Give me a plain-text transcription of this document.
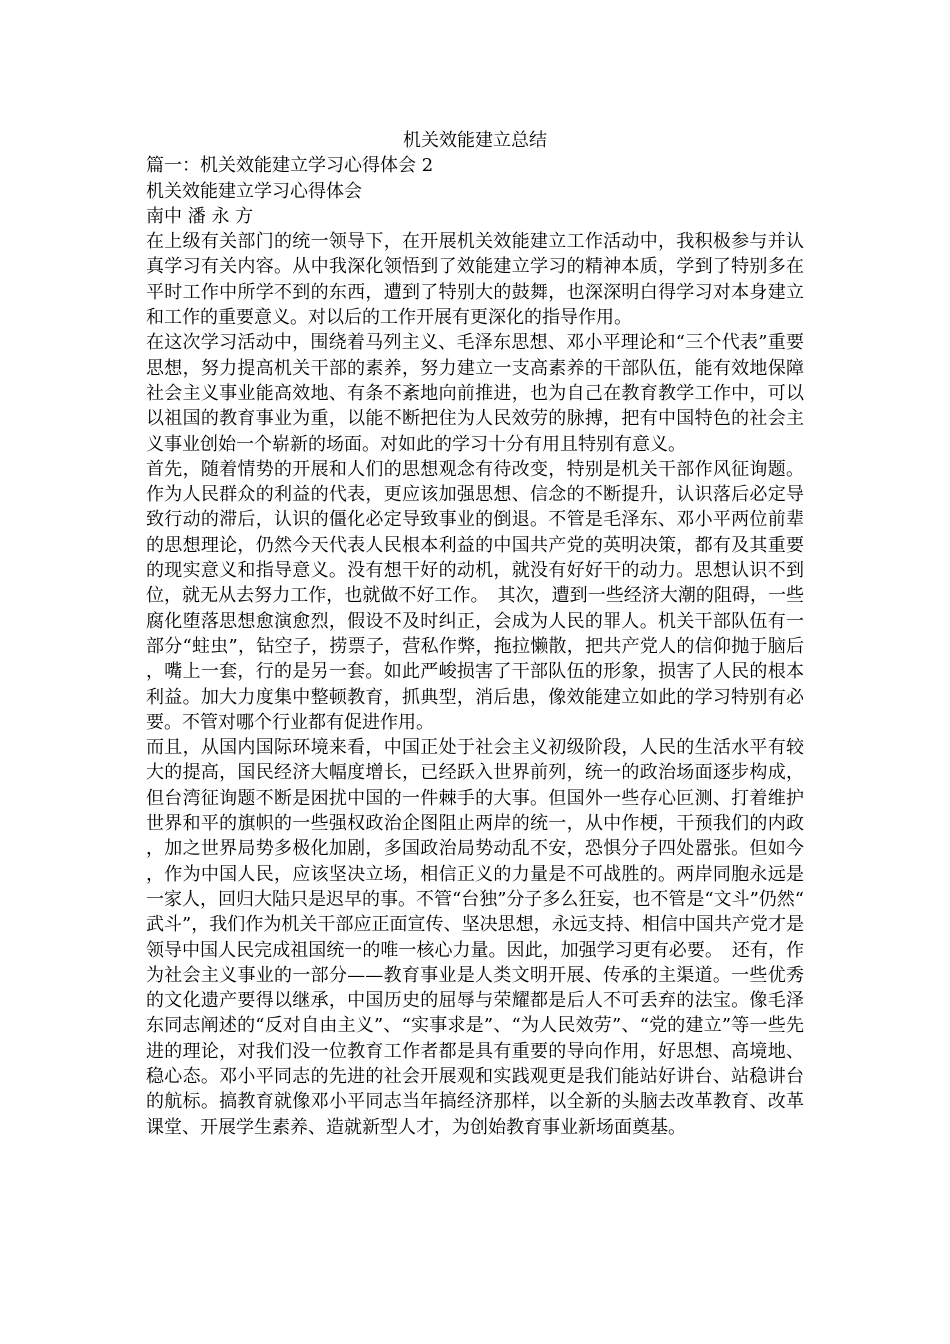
机关效能建立总结

篇一：机关效能建立学习心得体会 2

机关效能建立学习心得体会

南中 潘 永 方

在上级有关部门的统一领导下，在开展机关效能建立工作活动中，我积极参与并认真学习有关内容。从中我深化领悟到了效能建立学习的精神本质，学到了特别多在平时工作中所学不到的东西，遭到了特别大的鼓舞，也深深明白得学习对本身建立和工作的重要意义。对以后的工作开展有更深化的指导作用。

在这次学习活动中，围绕着马列主义、毛泽东思想、邓小平理论和“三个代表”重要思想，努力提高机关干部的素养，努力建立一支高素养的干部队伍，能有效地保障社会主义事业能高效地、有条不紊地向前推进，也为自己在教育教学工作中，可以以祖国的教育事业为重，以能不断把住为人民效劳的脉搏，把有中国特色的社会主义事业创始一个崭新的场面。对如此的学习十分有用且特别有意义。

首先，随着情势的开展和人们的思想观念有待改变，特别是机关干部作风征询题。作为人民群众的利益的代表，更应该加强思想、信念的不断提升，认识落后必定导致行动的滞后，认识的僵化必定导致事业的倒退。不管是毛泽东、邓小平两位前辈的思想理论，仍然今天代表人民根本利益的中国共产党的英明决策，都有及其重要的现实意义和指导意义。没有想干好的动机，就没有好好干的动力。思想认识不到位，就无从去努力工作，也就做不好工作。　其次，遭到一些经济大潮的阻碍，一些腐化堕落思想愈演愈烈，假设不及时纠正，会成为人民的罪人。机关干部队伍有一部分“蛀虫”，钻空子，捞票子，营私作弊，拖拉懒散，把共产党人的信仰抛于脑后，嘴上一套，行的是另一套。如此严峻损害了干部队伍的形象，损害了人民的根本利益。加大力度集中整顿教育，抓典型，消后患，像效能建立如此的学习特别有必要。不管对哪个行业都有促进作用。

而且，从国内国际环境来看，中国正处于社会主义初级阶段，人民的生活水平有较大的提高，国民经济大幅度增长，已经跃入世界前列，统一的政治场面逐步构成，但台湾征询题不断是困扰中国的一件棘手的大事。但国外一些存心叵测、打着维护世界和平的旗帜的一些强权政治企图阻止两岸的统一，从中作梗，干预我们的内政，加之世界局势多极化加剧，多国政治局势动乱不安，恐惧分子四处嚣张。但如今，作为中国人民，应该坚决立场，相信正义的力量是不可战胜的。两岸同胞永远是一家人，回归大陆只是迟早的事。不管“台独”分子多么狂妄，也不管是“文斗”仍然“武斗”，我们作为机关干部应正面宣传、坚决思想，永远支持、相信中国共产党才是领导中国人民完成祖国统一的唯一核心力量。因此，加强学习更有必要。　还有，作为社会主义事业的一部分——教育事业是人类文明开展、传承的主渠道。一些优秀的文化遗产要得以继承，中国历史的屈辱与荣耀都是后人不可丢弃的法宝。像毛泽东同志阐述的“反对自由主义”、“实事求是”、“为人民效劳”、“党的建立”等一些先进的理论，对我们没一位教育工作者都是具有重要的导向作用，好思想、高境地、稳心态。邓小平同志的先进的社会开展观和实践观更是我们能站好讲台、站稳讲台的航标。搞教育就像邓小平同志当年搞经济那样，以全新的头脑去改革教育、改革课堂、开展学生素养、造就新型人才，为创始教育事业新场面奠基。
